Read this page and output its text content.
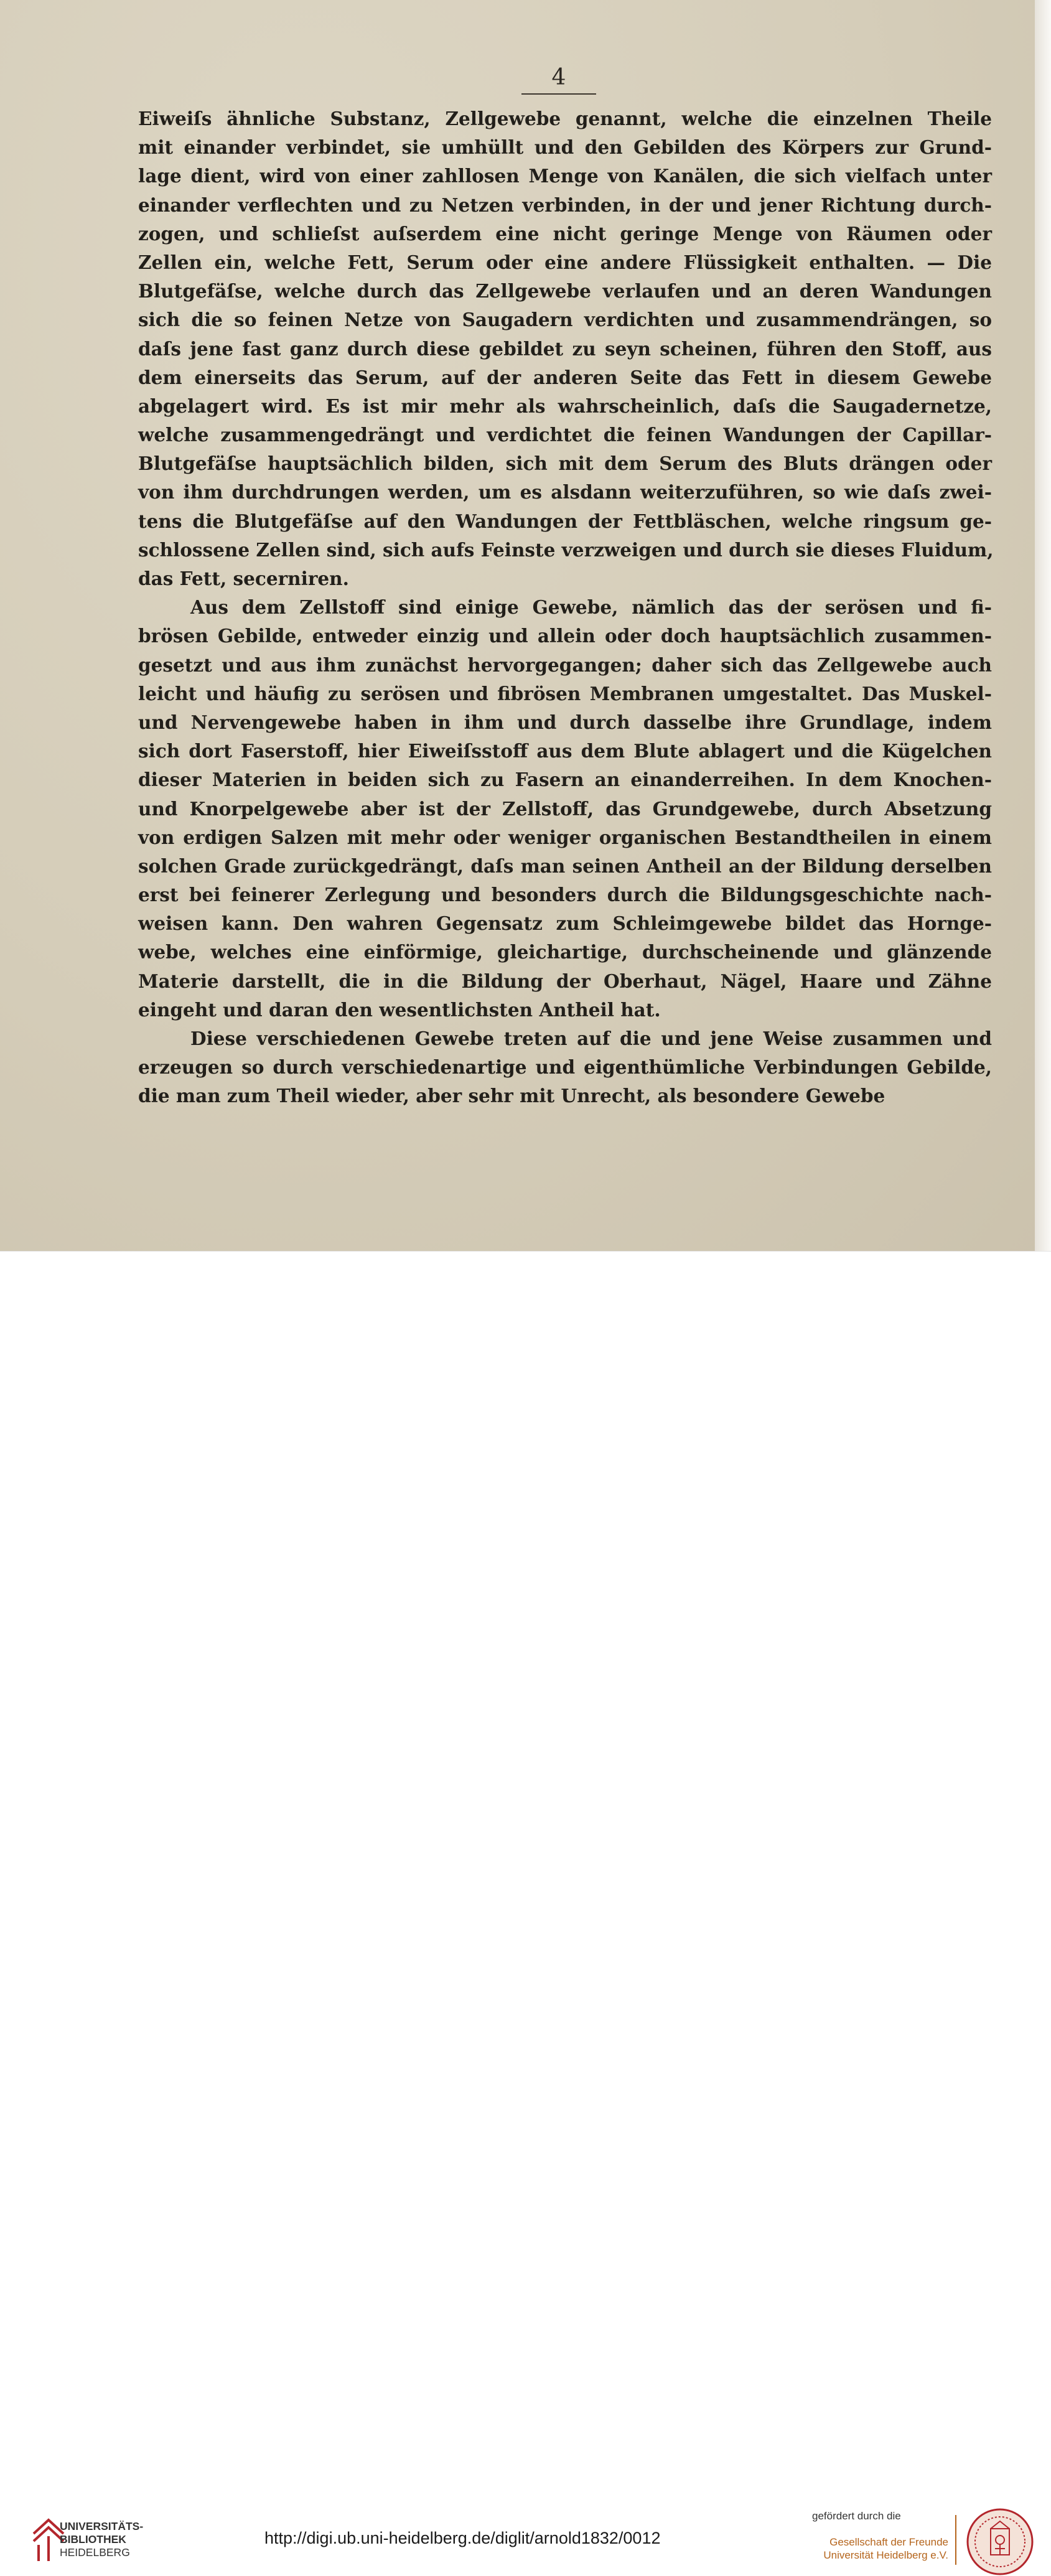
4
Eiweiſs ähnliche Substanz, Zellgewebe genannt, welche die einzelnen Theile
mit einander verbindet, sie umhüllt und den Gebilden des Körpers zur Grund-
lage dient, wird von einer zahllosen Menge von Kanälen, die sich vielfach unter
einander verflechten und zu Netzen verbinden, in der und jener Richtung durch-
zogen, und schlieſst auſserdem eine nicht geringe Menge von Räumen oder
Zellen ein, welche Fett, Serum oder eine andere Flüssigkeit enthalten. — Die
Blutgefäſse, welche durch das Zellgewebe verlaufen und an deren Wandungen
sich die so feinen Netze von Saugadern verdichten und zusammendrängen, so
daſs jene fast ganz durch diese gebildet zu seyn scheinen, führen den Stoff, aus
dem einerseits das Serum, auf der anderen Seite das Fett in diesem Gewebe
abgelagert wird. Es ist mir mehr als wahrscheinlich, daſs die Saugadernetze,
welche zusammengedrängt und verdichtet die feinen Wandungen der Capillar-
Blutgefäſse hauptsächlich bilden, sich mit dem Serum des Bluts drängen oder
von ihm durchdrungen werden, um es alsdann weiterzuführen, so wie daſs zwei-
tens die Blutgefäſse auf den Wandungen der Fettbläschen, welche ringsum ge-
schlossene Zellen sind, sich aufs Feinste verzweigen und durch sie dieses Fluidum,
das Fett, secerniren.
Aus dem Zellstoff sind einige Gewebe, nämlich das der serösen und fi-
brösen Gebilde, entweder einzig und allein oder doch hauptsächlich zusammen-
gesetzt und aus ihm zunächst hervorgegangen; daher sich das Zellgewebe auch
leicht und häufig zu serösen und fibrösen Membranen umgestaltet. Das Muskel-
und Nervengewebe haben in ihm und durch dasselbe ihre Grundlage, indem
sich dort Faserstoff, hier Eiweiſsstoff aus dem Blute ablagert und die Kügelchen
dieser Materien in beiden sich zu Fasern an einanderreihen. In dem Knochen-
und Knorpelgewebe aber ist der Zellstoff, das Grundgewebe, durch Absetzung
von erdigen Salzen mit mehr oder weniger organischen Bestandtheilen in einem
solchen Grade zurückgedrängt, daſs man seinen Antheil an der Bildung derselben
erst bei feinerer Zerlegung und besonders durch die Bildungsgeschichte nach-
weisen kann. Den wahren Gegensatz zum Schleimgewebe bildet das Hornge-
webe, welches eine einförmige, gleichartige, durchscheinende und glänzende
Materie darstellt, die in die Bildung der Oberhaut, Nägel, Haare und Zähne
eingeht und daran den wesentlichsten Antheil hat.
Diese verschiedenen Gewebe treten auf die und jene Weise zusammen und
erzeugen so durch verschiedenartige und eigenthümliche Verbindungen Gebilde,
die man zum Theil wieder, aber sehr mit Unrecht, als besondere Gewebe
UNIVERSITÄTS-
BIBLIOTHEK
HEIDELBERG
http://digi.ub.uni-heidelberg.de/diglit/arnold1832/0012
gefördert durch die
Gesellschaft der Freunde
Universität Heidelberg e.V.
